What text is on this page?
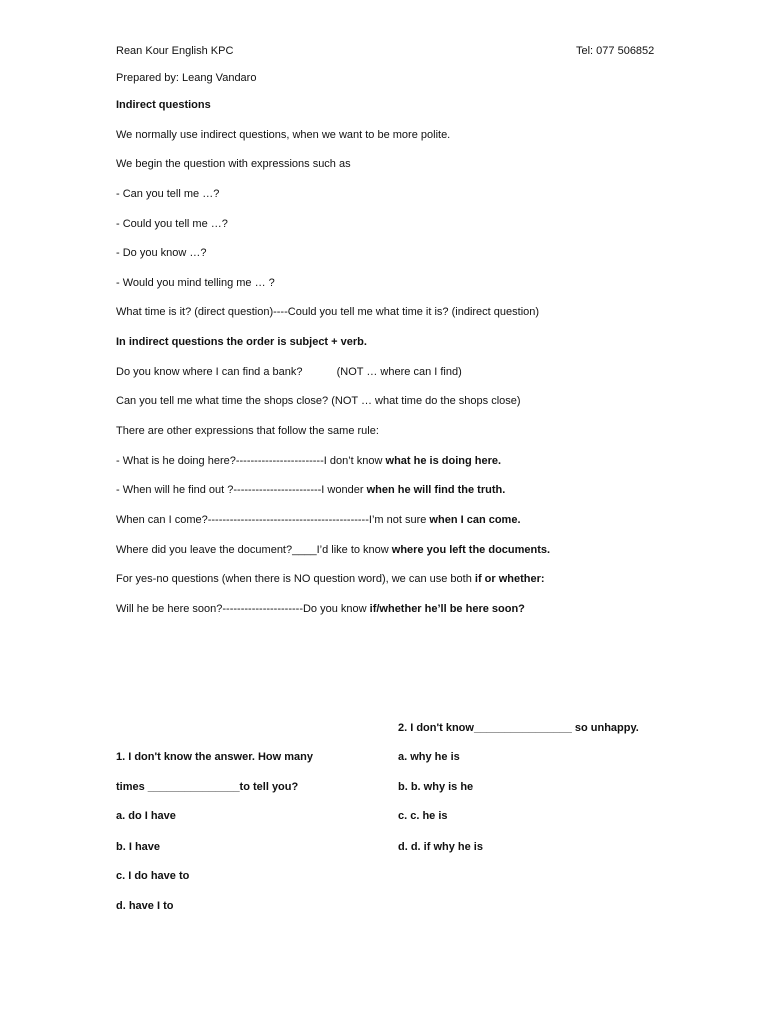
Rean Kour English KPC	Tel: 077 506852
Prepared by: Leang Vandaro
Indirect questions
We normally use indirect questions, when we want to be more polite.
We begin the question with expressions such as
- Can you tell me …?
- Could you tell me …?
- Do you know …?
- Would you mind telling me … ?
What time is it? (direct question)----Could you tell me what time it is? (indirect question)
In indirect questions the order is subject + verb.
Do you know where I can find a bank?	(NOT … where can I find)
Can you tell me what time the shops close? (NOT … what time do the shops close)
There are other expressions that follow the same rule:
- What is he doing here?------------------------I don’t know what he is doing here.
- When will he find out ?------------------------I wonder when he will find the truth.
When can I come?--------------------------------------------I’m not sure when I can come.
Where did you leave the document?____I’d like to know where you left the documents.
For yes-no questions (when there is NO question word), we can use both if or whether:
Will he be here soon?----------------------Do you know if/whether he’ll be here soon?
2. I don't know________________ so unhappy.
a. why he is
b. b. why is he
c. c. he is
d. d. if why he is
1. I don't know the answer. How many
times _______________to tell you?
a. do I have
b. I have
c. I do have to
d. have I to
